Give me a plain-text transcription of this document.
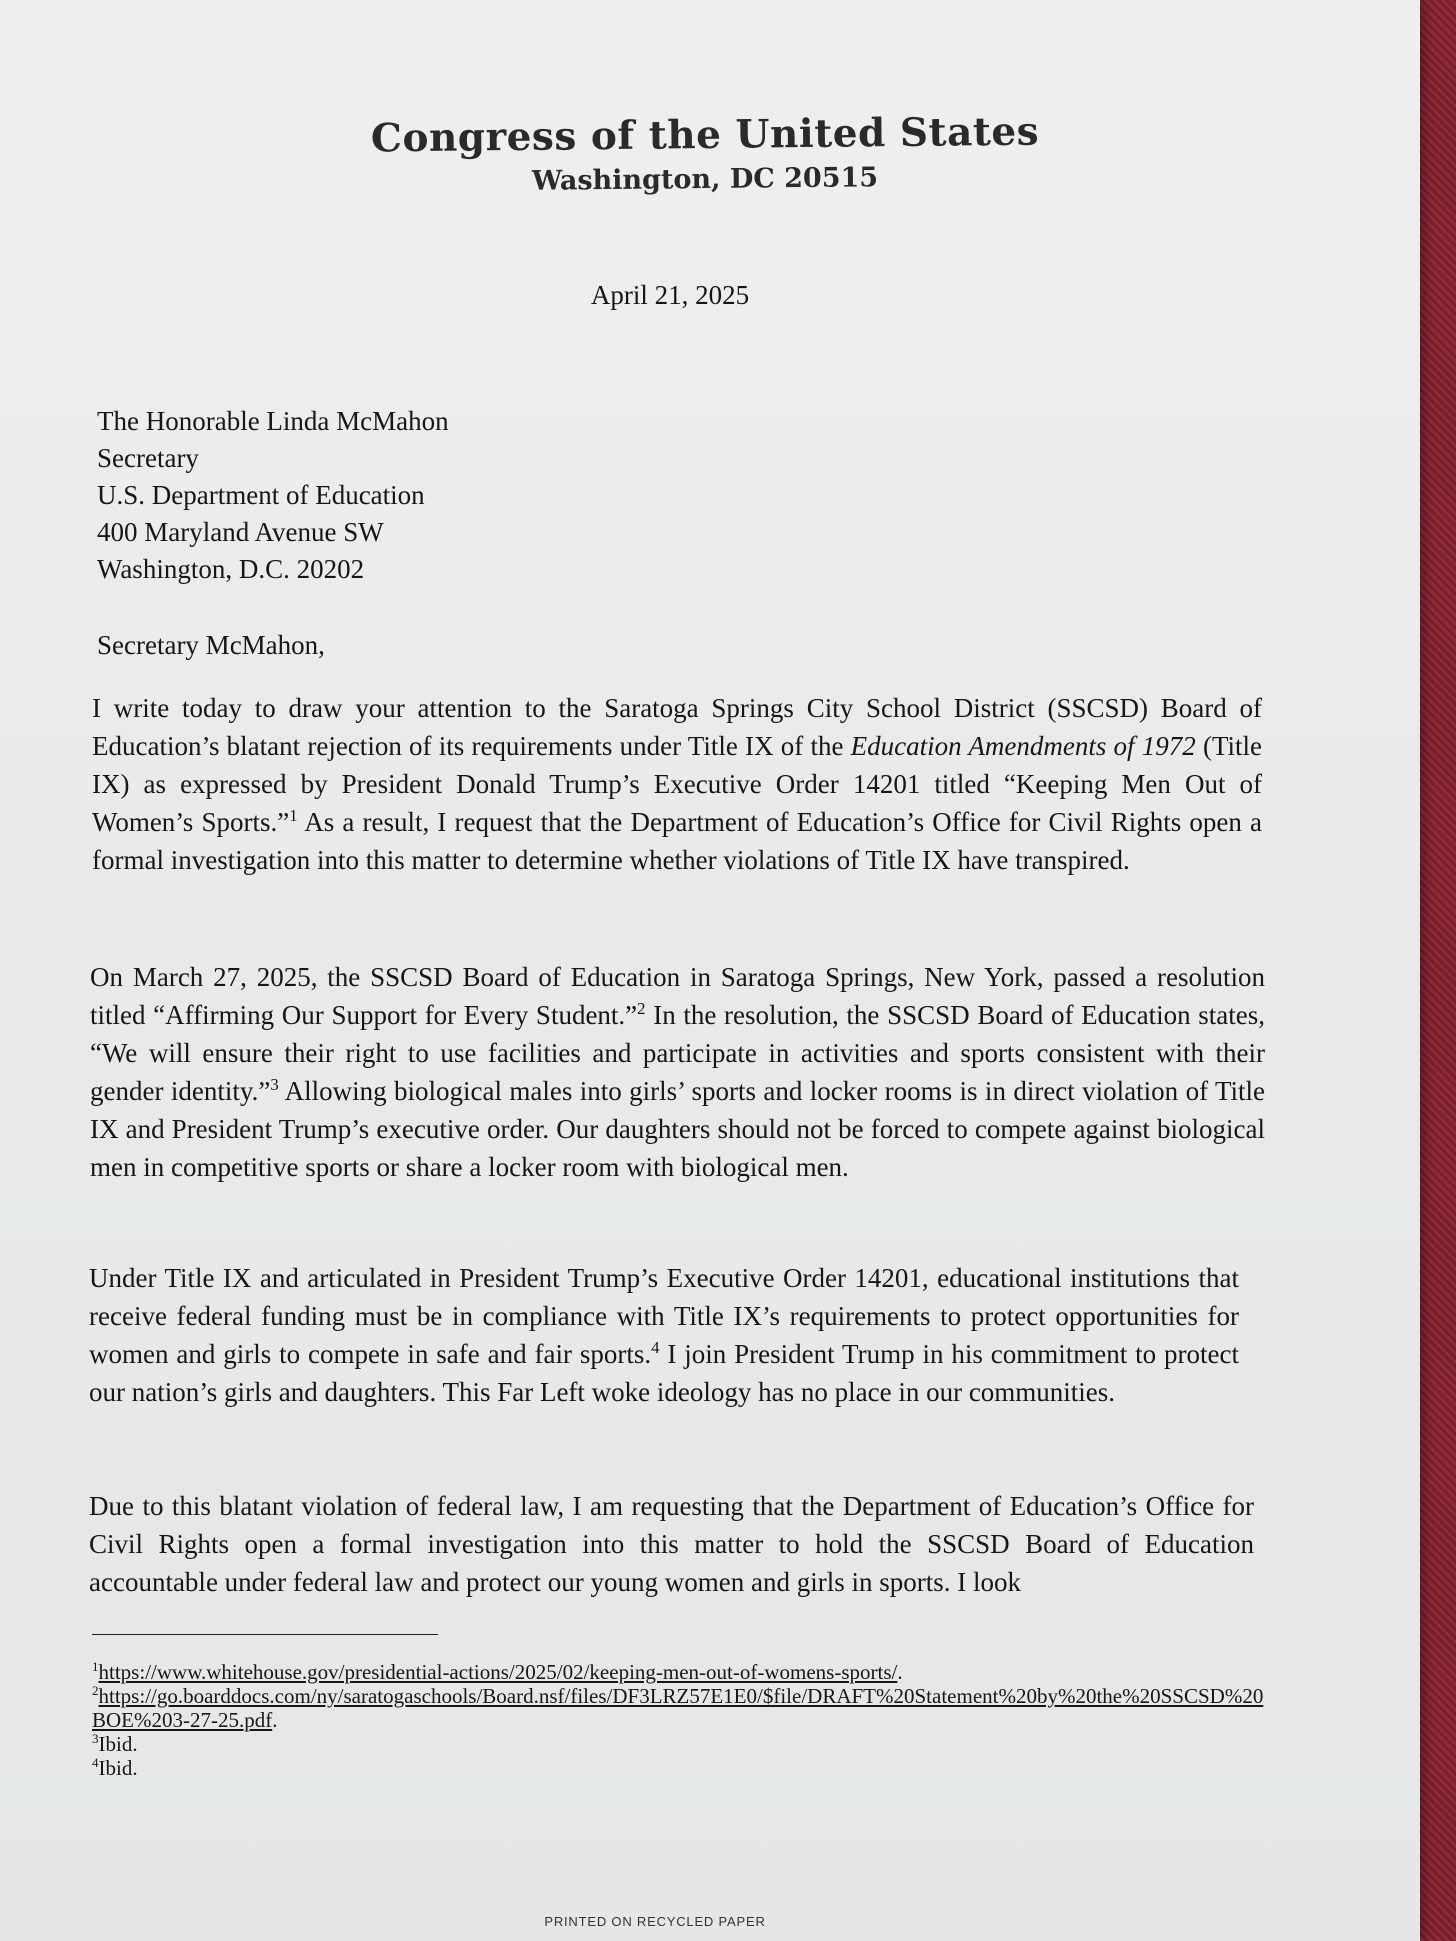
Congress of the United States
Washington, DC 20515
April 21, 2025
The Honorable Linda McMahon
Secretary
U.S. Department of Education
400 Maryland Avenue SW
Washington, D.C. 20202
Secretary McMahon,
I write today to draw your attention to the Saratoga Springs City School District (SSCSD) Board of Education’s blatant rejection of its requirements under Title IX of the Education Amendments of 1972 (Title IX) as expressed by President Donald Trump’s Executive Order 14201 titled “Keeping Men Out of Women’s Sports.”$^1$ As a result, I request that the Department of Education’s Office for Civil Rights open a formal investigation into this matter to determine whether violations of Title IX have transpired.
On March 27, 2025, the SSCSD Board of Education in Saratoga Springs, New York, passed a resolution titled “Affirming Our Support for Every Student.”$^2$ In the resolution, the SSCSD Board of Education states, “We will ensure their right to use facilities and participate in activities and sports consistent with their gender identity.”$^3$ Allowing biological males into girls’ sports and locker rooms is in direct violation of Title IX and President Trump’s executive order. Our daughters should not be forced to compete against biological men in competitive sports or share a locker room with biological men.
Under Title IX and articulated in President Trump’s Executive Order 14201, educational institutions that receive federal funding must be in compliance with Title IX’s requirements to protect opportunities for women and girls to compete in safe and fair sports.$^4$ I join President Trump in his commitment to protect our nation’s girls and daughters. This Far Left woke ideology has no place in our communities.
Due to this blatant violation of federal law, I am requesting that the Department of Education’s Office for Civil Rights open a formal investigation into this matter to hold the SSCSD Board of Education accountable under federal law and protect our young women and girls in sports. I look
$^1$https://www.whitehouse.gov/presidential-actions/2025/02/keeping-men-out-of-womens-sports/.
$^2$https://go.boarddocs.com/ny/saratogaschools/Board.nsf/files/DF3LRZ57E1E0/$file/DRAFT%20Statement%20by%20the%20SSCSD%20BOE%203-27-25.pdf.
$^3$Ibid.
$^4$Ibid.
PRINTED ON RECYCLED PAPER
